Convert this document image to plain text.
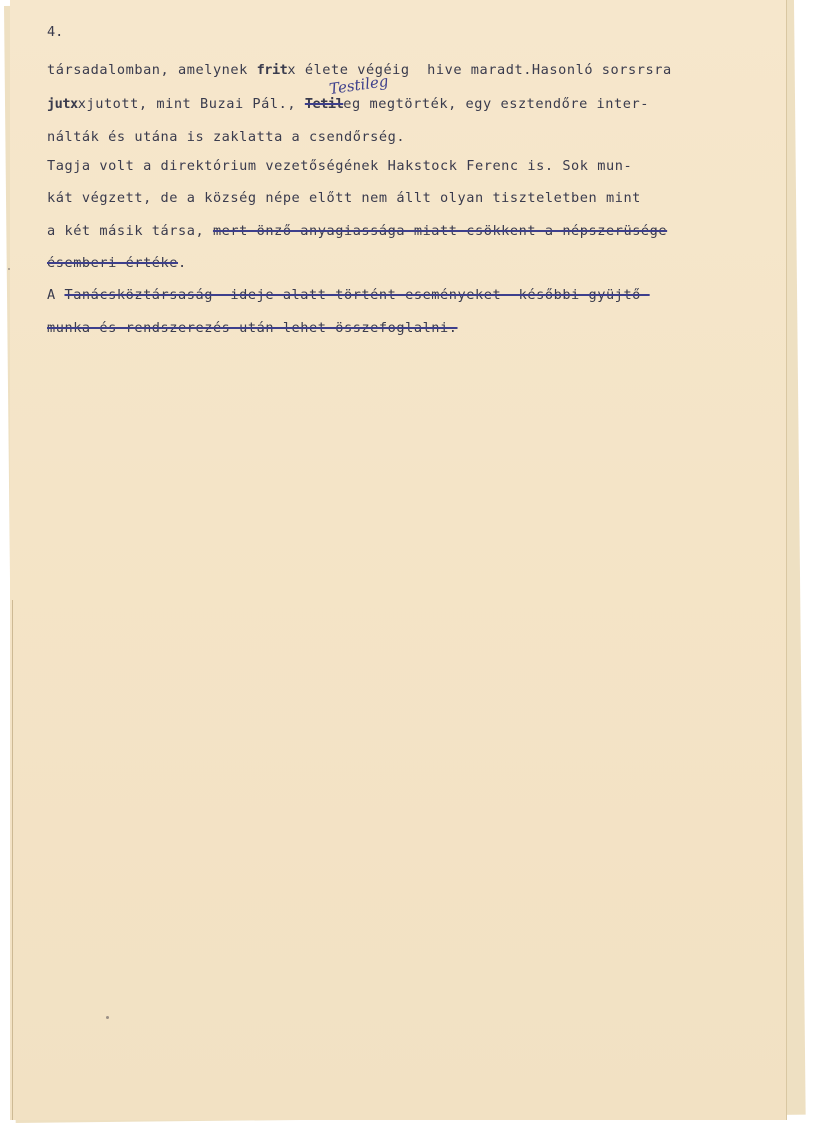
4.
társadalomban, amelynek fritx élete végéig  hive maradt.Hasonló sorsrsra
jutxxjutott, mint Buzai Pál., Tetileg megtörték, egy esztendőre inter-
nálták és utána is zaklatta a csendőrség.
Tagja volt a direktórium vezetőségének Hakstock Ferenc is. Sok mun-
kát végzett, de a község népe előtt nem állt olyan tiszteletben mint
a két másik társa, mert önző anyagiassága miatt csökkent a népszerüsége
ésemberi értéke.
A Tanácsköztársaság  ideje alatt történt eseményeket  későbbi gyüjtő-
munka és rendszerezés után lehet összefoglalni.
Testileg
